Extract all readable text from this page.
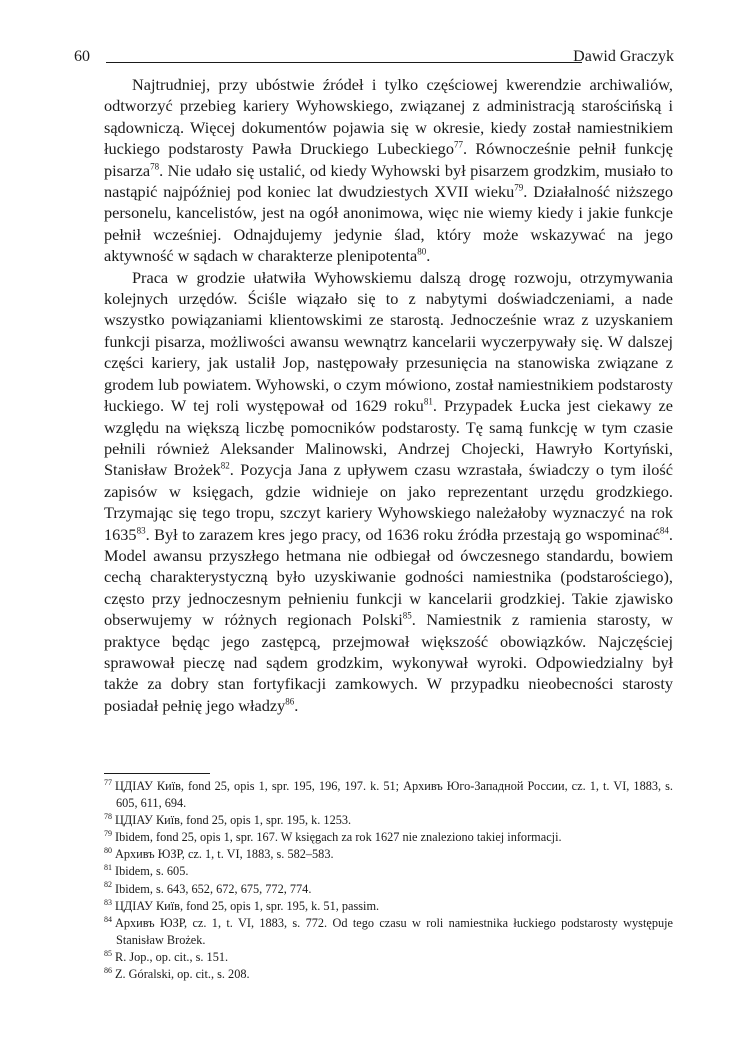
60	Dawid Graczyk

Najtrudniej, przy ubóstwie źródeł i tylko częściowej kwerendzie archiwaliów, odtworzyć przebieg kariery Wyhowskiego, związanej z administracją starościńską i sądowniczą. Więcej dokumentów pojawia się w okresie, kiedy został namiestnikiem łuckiego podstarosty Pawła Druckiego Lubeckiego$^{77}$. Równocześnie pełnił funkcję pisarza$^{78}$. Nie udało się ustalić, od kiedy Wyhowski był pisarzem grodzkim, musiało to nastąpić najpóźniej pod koniec lat dwudziestych XVII wieku$^{79}$. Działalność niższego personelu, kancelistów, jest na ogół anonimowa, więc nie wiemy kiedy i jakie funkcje pełnił wcześniej. Odnajdujemy jedynie ślad, który może wskazywać na jego aktywność w sądach w charakterze plenipotenta$^{80}$.

Praca w grodzie ułatwiła Wyhowskiemu dalszą drogę rozwoju, otrzymywania kolejnych urzędów. Ściśle wiązało się to z nabytymi doświadczeniami, a nade wszystko powiązaniami klientowskimi ze starostą. Jednocześnie wraz z uzyskaniem funkcji pisarza, możliwości awansu wewnątrz kancelarii wyczerpywały się. W dalszej części kariery, jak ustalił Jop, następowały przesunięcia na stanowiska związane z grodem lub powiatem. Wyhowski, o czym mówiono, został namiestnikiem podstarosty łuckiego. W tej roli występował od 1629 roku$^{81}$. Przypadek Łucka jest ciekawy ze względu na większą liczbę pomocników podstarosty. Tę samą funkcję w tym czasie pełnili również Aleksander Malinowski, Andrzej Chojecki, Hawryło Kortyński, Stanisław Brożek$^{82}$. Pozycja Jana z upływem czasu wzrastała, świadczy o tym ilość zapisów w księgach, gdzie widnieje on jako reprezentant urzędu grodzkiego. Trzymając się tego tropu, szczyt kariery Wyhowskiego należałoby wyznaczyć na rok 1635$^{83}$. Był to zarazem kres jego pracy, od 1636 roku źródła przestają go wspominać$^{84}$. Model awansu przyszłego hetmana nie odbiegał od ówczesnego standardu, bowiem cechą charakterystyczną było uzyskiwanie godności namiestnika (podstarościego), często przy jednoczesnym pełnieniu funkcji w kancelarii grodzkiej. Takie zjawisko obserwujemy w różnych regionach Polski$^{85}$. Namiestnik z ramienia starosty, w praktyce będąc jego zastępcą, przejmował większość obowiązków. Najczęściej sprawował pieczę nad sądem grodzkim, wykonywał wyroki. Odpowiedzialny był także za dobry stan fortyfikacji zamkowych. W przypadku nieobecności starosty posiadał pełnię jego władzy$^{86}$.

$^{77}$ ЦДІАУ Київ, fond 25, opis 1, spr. 195, 196, 197. k. 51; Архивъ Юго-Западной России, cz. 1, t. VI, 1883, s. 605, 611, 694.

$^{78}$ ЦДІАУ Київ, fond 25, opis 1, spr. 195, k. 1253.

$^{79}$ Ibidem, fond 25, opis 1, spr. 167. W księgach za rok 1627 nie znaleziono takiej informacji.

$^{80}$ Архивъ ЮЗР, cz. 1, t. VI, 1883, s. 582–583.

$^{81}$ Ibidem, s. 605.

$^{82}$ Ibidem, s. 643, 652, 672, 675, 772, 774.

$^{83}$ ЦДІАУ Київ, fond 25, opis 1, spr. 195, k. 51, passim.

$^{84}$ Архивъ ЮЗР, cz. 1, t. VI, 1883, s. 772. Od tego czasu w roli namiestnika łuckiego podstarosty występuje Stanisław Brożek.

$^{85}$ R. Jop., op. cit., s. 151.

$^{86}$ Z. Góralski, op. cit., s. 208.
